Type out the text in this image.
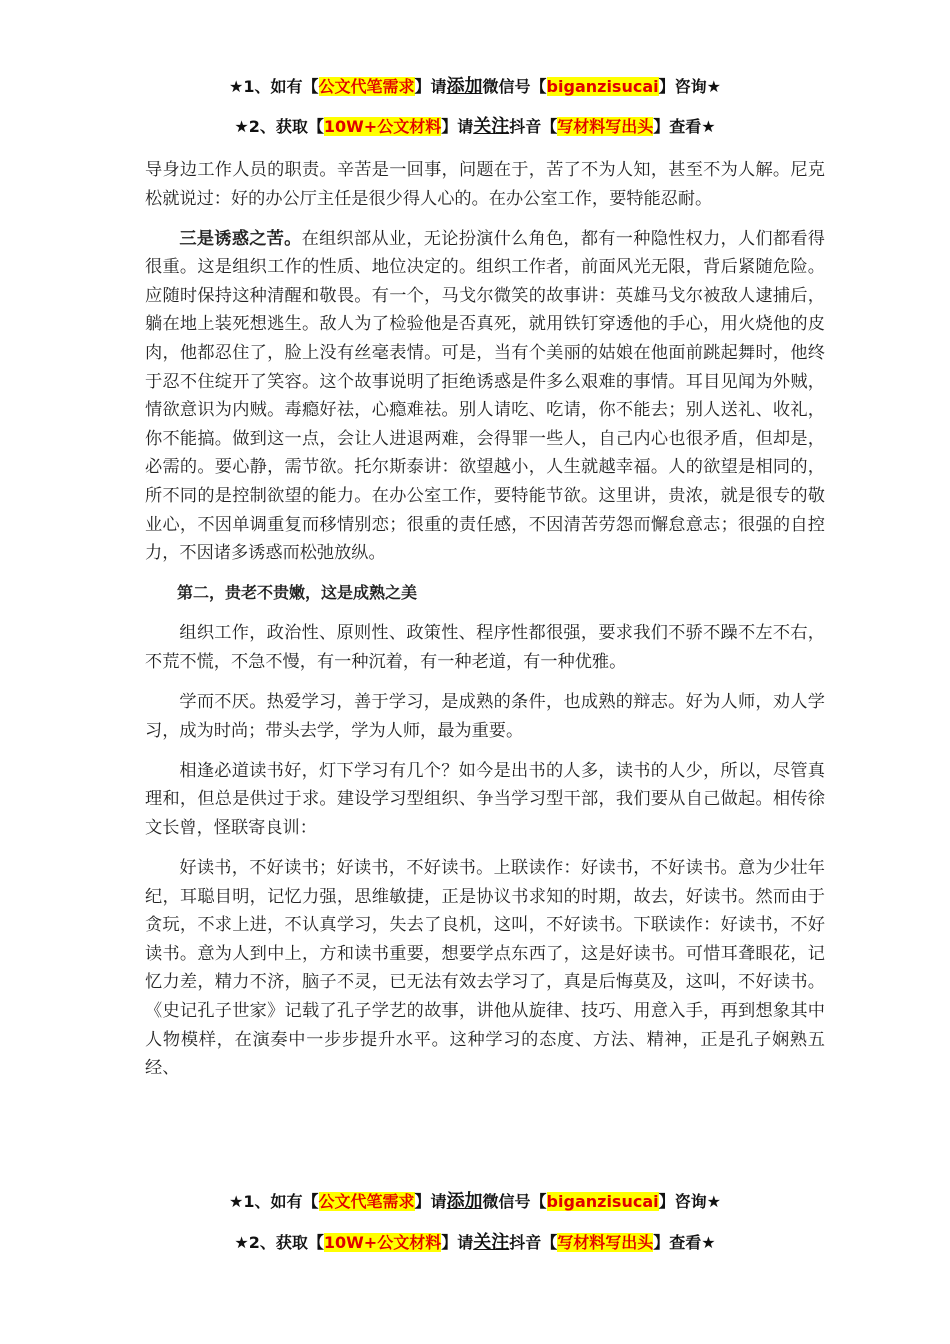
★1、如有【公文代笔需求】请添加微信号【biganzisucai】咨询★
★2、获取【10W+公文材料】请关注抖音【写材料写出头】查看★

导身边工作人员的职责。辛苦是一回事，问题在于，苦了不为人知，甚至不为人解。尼克松就说过：好的办公厅主任是很少得人心的。在办公室工作，要特能忍耐。

三是诱惑之苦。在组织部从业，无论扮演什么角色，都有一种隐性权力，人们都看得很重。这是组织工作的性质、地位决定的。组织工作者，前面风光无限，背后紧随危险。应随时保持这种清醒和敬畏。有一个，马戈尔微笑的故事讲：英雄马戈尔被敌人逮捕后，躺在地上装死想逃生。敌人为了检验他是否真死，就用铁钉穿透他的手心，用火烧他的皮肉，他都忍住了，脸上没有丝毫表情。可是，当有个美丽的姑娘在他面前跳起舞时，他终于忍不住绽开了笑容。这个故事说明了拒绝诱惑是件多么艰难的事情。耳目见闻为外贼，情欲意识为内贼。毒瘾好祛，心瘾难祛。别人请吃、吃请，你不能去；别人送礼、收礼，你不能搞。做到这一点，会让人进退两难，会得罪一些人，自己内心也很矛盾，但却是，必需的。要心静，需节欲。托尔斯泰讲：欲望越小，人生就越幸福。人的欲望是相同的，所不同的是控制欲望的能力。在办公室工作，要特能节欲。这里讲，贵浓，就是很专的敬业心，不因单调重复而移情别恋；很重的责任感，不因清苦劳怨而懈怠意志；很强的自控力，不因诸多诱惑而松弛放纵。

第二，贵老不贵嫩，这是成熟之美

组织工作，政治性、原则性、政策性、程序性都很强，要求我们不骄不躁不左不右，不荒不慌，不急不慢，有一种沉着，有一种老道，有一种优雅。

学而不厌。热爱学习，善于学习，是成熟的条件，也成熟的辩志。好为人师，劝人学习，成为时尚；带头去学，学为人师，最为重要。

相逢必道读书好，灯下学习有几个？如今是出书的人多，读书的人少，所以，尽管真理和，但总是供过于求。建设学习型组织、争当学习型干部，我们要从自己做起。相传徐文长曾，怪联寄良训：

好读书，不好读书；好读书，不好读书。上联读作：好读书，不好读书。意为少壮年纪，耳聪目明，记忆力强，思维敏捷，正是协议书求知的时期，故去，好读书。然而由于贪玩，不求上进，不认真学习，失去了良机，这叫，不好读书。下联读作：好读书，不好读书。意为人到中上，方和读书重要，想要学点东西了，这是好读书。可惜耳聋眼花，记忆力差，精力不济，脑子不灵，已无法有效去学习了，真是后悔莫及，这叫，不好读书。《史记孔子世家》记载了孔子学艺的故事，讲他从旋律、技巧、用意入手，再到想象其中人物模样，在演奏中一步步提升水平。这种学习的态度、方法、精神，正是孔子娴熟五经、

★1、如有【公文代笔需求】请添加微信号【biganzisucai】咨询★
★2、获取【10W+公文材料】请关注抖音【写材料写出头】查看★
